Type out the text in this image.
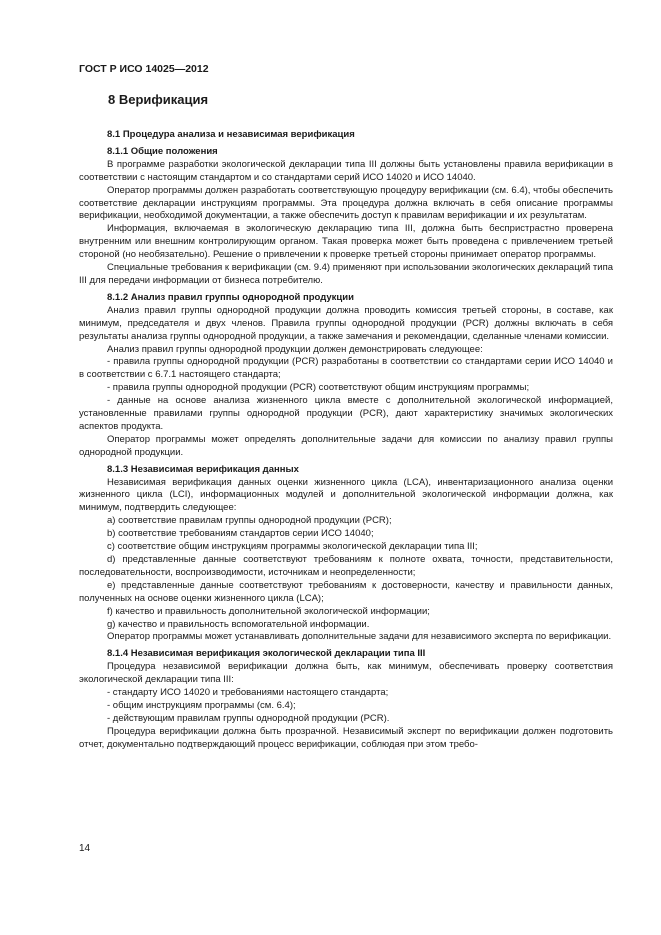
ГОСТ Р ИСО 14025—2012
8 Верификация

8.1 Процедура анализа и независимая верификация

8.1.1 Общие положения

В программе разработки экологической декларации типа III должны быть установлены правила верификации в соответствии с настоящим стандартом и со стандартами серий ИСО 14020 и ИСО 14040.

Оператор программы должен разработать соответствующую процедуру верификации (см. 6.4), чтобы обеспечить соответствие декларации инструкциям программы. Эта процедура должна включать в себя описание программы верификации, необходимой документации, а также обеспечить доступ к правилам верификации и их результатам.

Информация, включаемая в экологическую декларацию типа III, должна быть беспристрастно проверена внутренним или внешним контролирующим органом. Такая проверка может быть проведена с привлечением третьей стороной (но необязательно). Решение о привлечении к проверке третьей стороны принимает оператор программы.

Специальные требования к верификации (см. 9.4) применяют при использовании экологических деклараций типа III для передачи информации от бизнеса потребителю.

8.1.2 Анализ правил группы однородной продукции

Анализ правил группы однородной продукции должна проводить комиссия третьей стороны, в составе, как минимум, председателя и двух членов. Правила группы однородной продукции (PCR) должны включать в себя результаты анализа группы однородной продукции, а также замечания и рекомендации, сделанные членами комиссии.

Анализ правил группы однородной продукции должен демонстрировать следующее:

- правила группы однородной продукции (PCR) разработаны в соответствии со стандартами серии ИСО 14040 и в соответствии с 6.7.1 настоящего стандарта;

- правила группы однородной продукции (PCR) соответствуют общим инструкциям программы;

- данные на основе анализа жизненного цикла вместе с дополнительной экологической информацией, установленные правилами группы однородной продукции (PCR), дают характеристику значимых экологических аспектов продукта.

Оператор программы может определять дополнительные задачи для комиссии по анализу правил группы однородной продукции.

8.1.3 Независимая верификация данных

Независимая верификация данных оценки жизненного цикла (LCA), инвентаризационного анализа оценки жизненного цикла (LCI), информационных модулей и дополнительной экологической информации должна, как минимум, подтвердить следующее:

a) соответствие правилам группы однородной продукции (PCR);

b) соответствие требованиям стандартов серии ИСО 14040;

c) соответствие общим инструкциям программы экологической декларации типа III;

d) представленные данные соответствуют требованиям к полноте охвата, точности, представительности, последовательности, воспроизводимости, источникам и неопределенности;

e) представленные данные соответствуют требованиям к достоверности, качеству и правильности данных, полученных на основе оценки жизненного цикла (LCA);

f) качество и правильность дополнительной экологической информации;

g) качество и правильность вспомогательной информации.

Оператор программы может устанавливать дополнительные задачи для независимого эксперта по верификации.

8.1.4 Независимая верификация экологической декларации типа III

Процедура независимой верификации должна быть, как минимум, обеспечивать проверку соответствия экологической декларации типа III:

- стандарту ИСО 14020 и требованиями настоящего стандарта;

- общим инструкциям программы (см. 6.4);

- действующим правилам группы однородной продукции (PCR).

Процедура верификации должна быть прозрачной. Независимый эксперт по верификации должен подготовить отчет, документально подтверждающий процесс верификации, соблюдая при этом требо-

14
